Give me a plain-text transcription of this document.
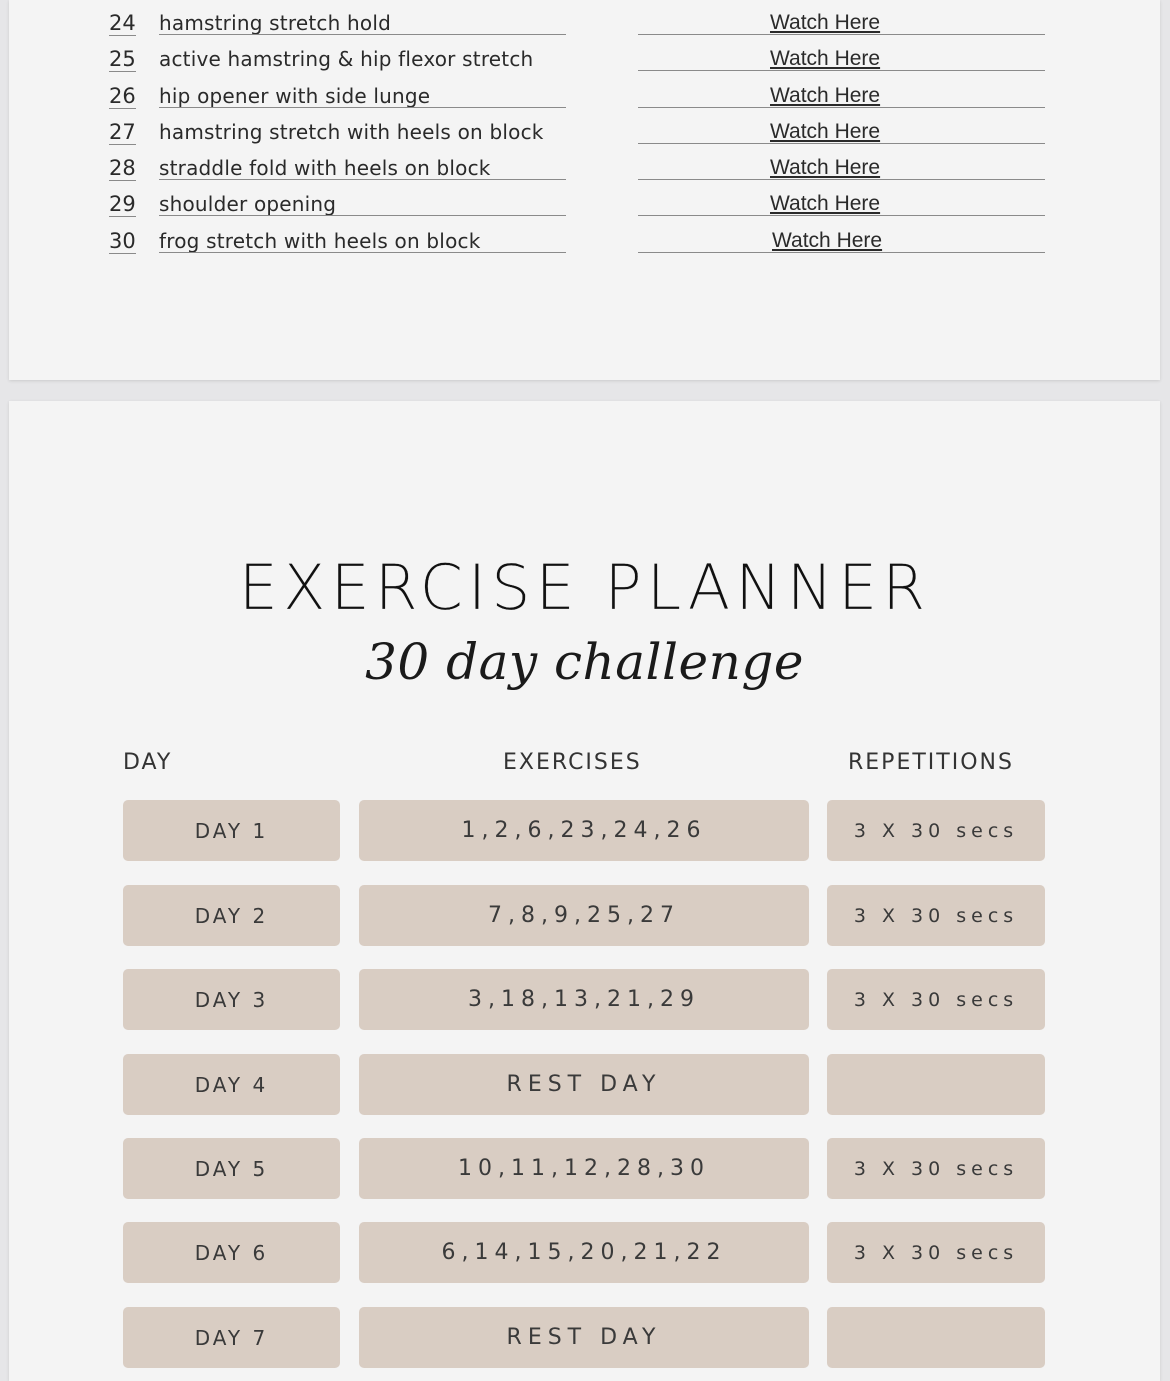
24 hamstring stretch hold	Watch Here
25 active hamstring & hip flexor stretch	Watch Here
26 hip opener with side lunge	Watch Here
27 hamstring stretch with heels on block	Watch Here
28 straddle fold with heels on block	Watch Here
29 shoulder opening	Watch Here
30 frog stretch with heels on block	Watch Here
EXERCISE PLANNER
30 day challenge
DAY	EXERCISES	REPETITIONS
DAY 1	1,2,6,23,24,26	3 X 30 secs
DAY 2	7,8,9,25,27	3 X 30 secs
DAY 3	3,18,13,21,29	3 X 30 secs
DAY 4	REST DAY
DAY 5	10,11,12,28,30	3 X 30 secs
DAY 6	6,14,15,20,21,22	3 X 30 secs
DAY 7	REST DAY
